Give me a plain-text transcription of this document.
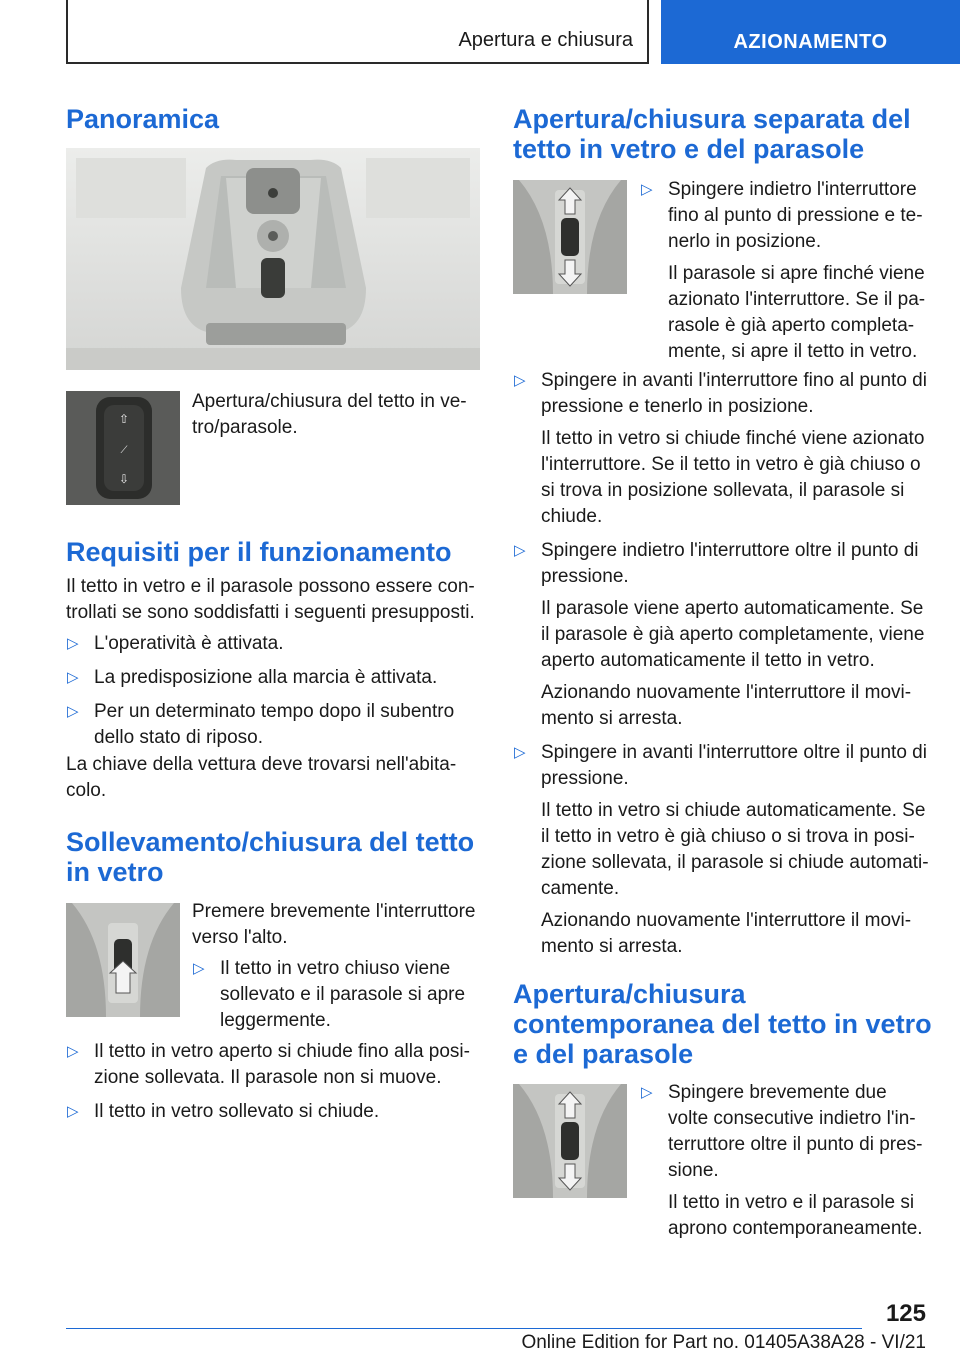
Apertura e chiusura	AZIONAMENTO
Panoramica
⇧
⟋
⇩
Apertura/chiusura del tetto in ve-tro/parasole.
Requisiti per il funzionamento
Il tetto in vetro e il parasole possono essere con-trollati se sono soddisfatti i seguenti presupposti.
▷ L'operatività è attivata.
▷ La predisposizione alla marcia è attivata.
▷ Per un determinato tempo dopo il subentro dello stato di riposo.
La chiave della vettura deve trovarsi nell'abita-colo.
Sollevamento/chiusura del tetto in vetro
Premere brevemente l'interruttore verso l'alto.
▷ Il tetto in vetro chiuso viene sollevato e il parasole si apre leggermente.
▷ Il tetto in vetro aperto si chiude fino alla posi-zione sollevata. Il parasole non si muove.
▷ Il tetto in vetro sollevato si chiude.
Apertura/chiusura separata del tetto in vetro e del parasole
▷ Spingere indietro l'interruttore fino al punto di pressione e te-nerlo in posizione.
Il parasole si apre finché viene azionato l'interruttore. Se il pa-rasole è già aperto completa-mente, si apre il tetto in vetro.
▷ Spingere in avanti l'interruttore fino al punto di pressione e tenerlo in posizione.
Il tetto in vetro si chiude finché viene azionato l'interruttore. Se il tetto in vetro è già chiuso o si trova in posizione sollevata, il parasole si chiude.
▷ Spingere indietro l'interruttore oltre il punto di pressione.
Il parasole viene aperto automaticamente. Se il parasole è già aperto completamente, viene aperto automaticamente il tetto in vetro.
Azionando nuovamente l'interruttore il movi-mento si arresta.
▷ Spingere in avanti l'interruttore oltre il punto di pressione.
Il tetto in vetro si chiude automaticamente. Se il tetto in vetro è già chiuso o si trova in posi-zione sollevata, il parasole si chiude automati-camente.
Azionando nuovamente l'interruttore il movi-mento si arresta.
Apertura/chiusura contemporanea del tetto in vetro e del parasole
▷ Spingere brevemente due volte consecutive indietro l'in-terruttore oltre il punto di pres-sione.
Il tetto in vetro e il parasole si aprono contemporaneamente.
125
Online Edition for Part no. 01405A38A28 - VI/21
